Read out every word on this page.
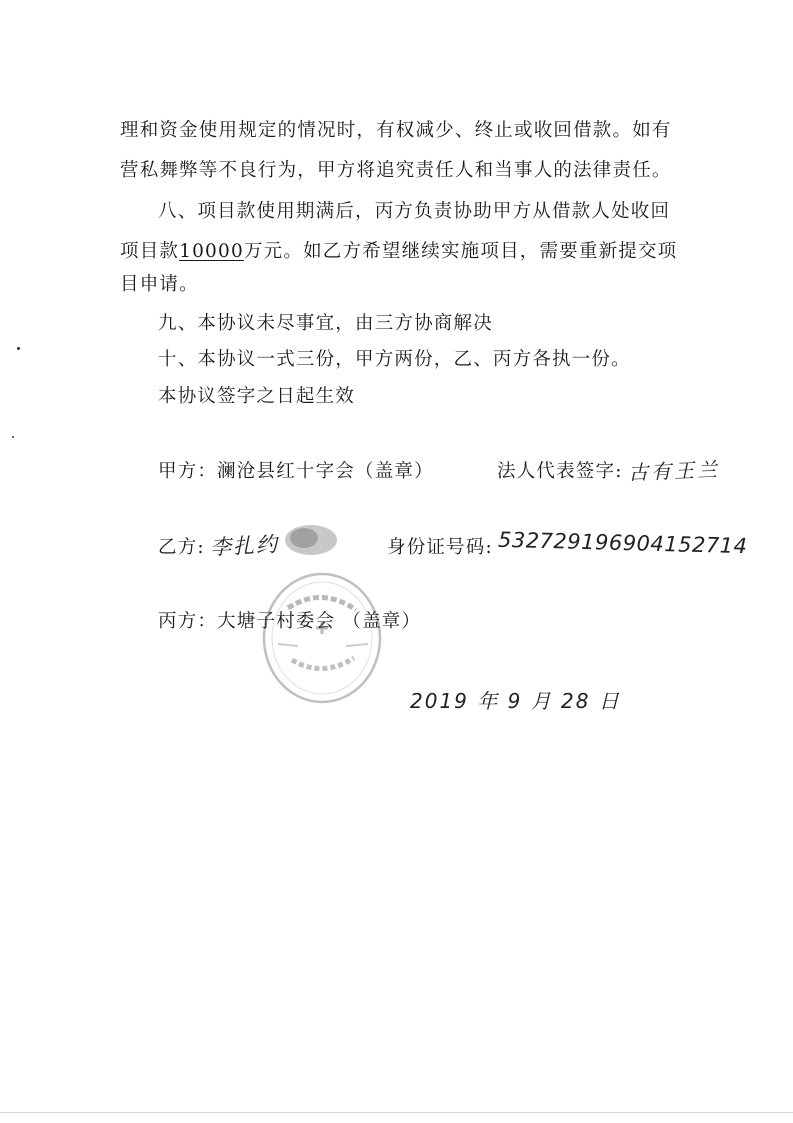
理和资金使用规定的情况时，有权减少、终止或收回借款。如有
营私舞弊等不良行为，甲方将追究责任人和当事人的法律责任。
八、项目款使用期满后，丙方负责协助甲方从借款人处收回
项目款10000万元。如乙方希望继续实施项目，需要重新提交项
目申请。
九、本协议未尽事宜，由三方协商解决
十、本协议一式三份，甲方两份，乙、丙方各执一份。
本协议签字之日起生效
甲方：澜沧县红十字会（盖章）	法人代表签字: 古有王兰
乙方: 李扎约	身份证号码: 532729196904152714
丙方：大塘子村委会 （盖章）
2019 年 9 月 28 日
